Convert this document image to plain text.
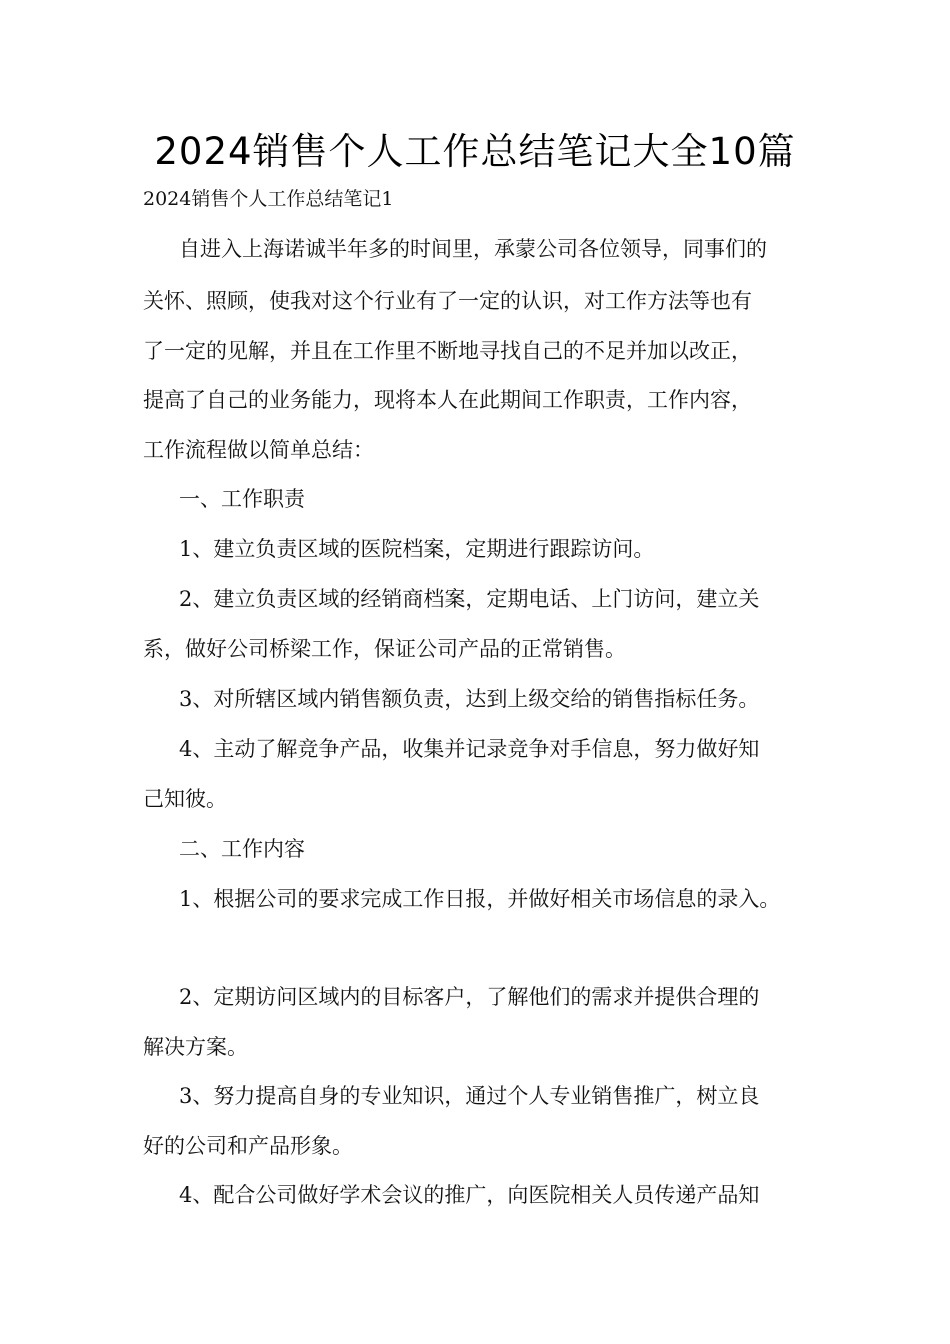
2024销售个人工作总结笔记大全10篇
2024销售个人工作总结笔记1
自进入上海诺诚半年多的时间里，承蒙公司各位领导，同事们的
关怀、照顾，使我对这个行业有了一定的认识，对工作方法等也有
了一定的见解，并且在工作里不断地寻找自己的不足并加以改正，
提高了自己的业务能力，现将本人在此期间工作职责，工作内容，
工作流程做以简单总结：
一、工作职责
1、建立负责区域的医院档案，定期进行跟踪访问。
2、建立负责区域的经销商档案，定期电话、上门访问，建立关
系，做好公司桥梁工作，保证公司产品的正常销售。
3、对所辖区域内销售额负责，达到上级交给的销售指标任务。
4、主动了解竞争产品，收集并记录竞争对手信息，努力做好知
己知彼。
二、工作内容
1、根据公司的要求完成工作日报，并做好相关市场信息的录入。
2、定期访问区域内的目标客户，了解他们的需求并提供合理的
解决方案。
3、努力提高自身的专业知识，通过个人专业销售推广，树立良
好的公司和产品形象。
4、配合公司做好学术会议的推广，向医院相关人员传递产品知
